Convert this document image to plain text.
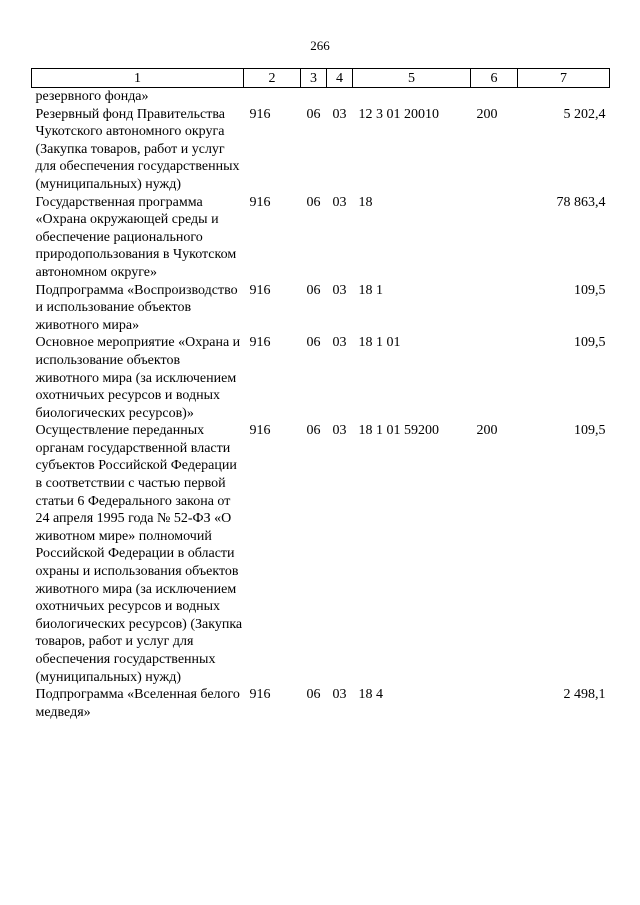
266
1	2	3	4	5	6	7
резервного фонда»						
Резервный фонд Правительства Чукотского автономного округа (Закупка товаров, работ и услуг для обеспечения государственных (муниципальных) нужд)	916	06	03	12 3 01 20010	200	5 202,4
Государственная программа «Охрана окружающей среды и обеспечение рационального природопользования в Чукотском автономном округе»	916	06	03	18		78 863,4
Подпрограмма «Воспроизводство и использование объектов животного мира»	916	06	03	18 1		109,5
Основное мероприятие «Охрана и использование объектов животного мира (за исключением охотничьих ресурсов и водных биологических ресурсов)»	916	06	03	18 1 01		109,5
Осуществление переданных органам государственной власти субъектов Российской Федерации в соответствии с частью первой статьи 6 Федерального закона от 24 апреля 1995 года № 52-ФЗ «О животном мире» полномочий Российской Федерации в области охраны и использования объектов животного мира (за исключением охотничьих ресурсов и водных биологических ресурсов) (Закупка товаров, работ и услуг для обеспечения государственных (муниципальных) нужд)	916	06	03	18 1 01 59200	200	109,5
Подпрограмма «Вселенная белого медведя»	916	06	03	18 4		2 498,1
